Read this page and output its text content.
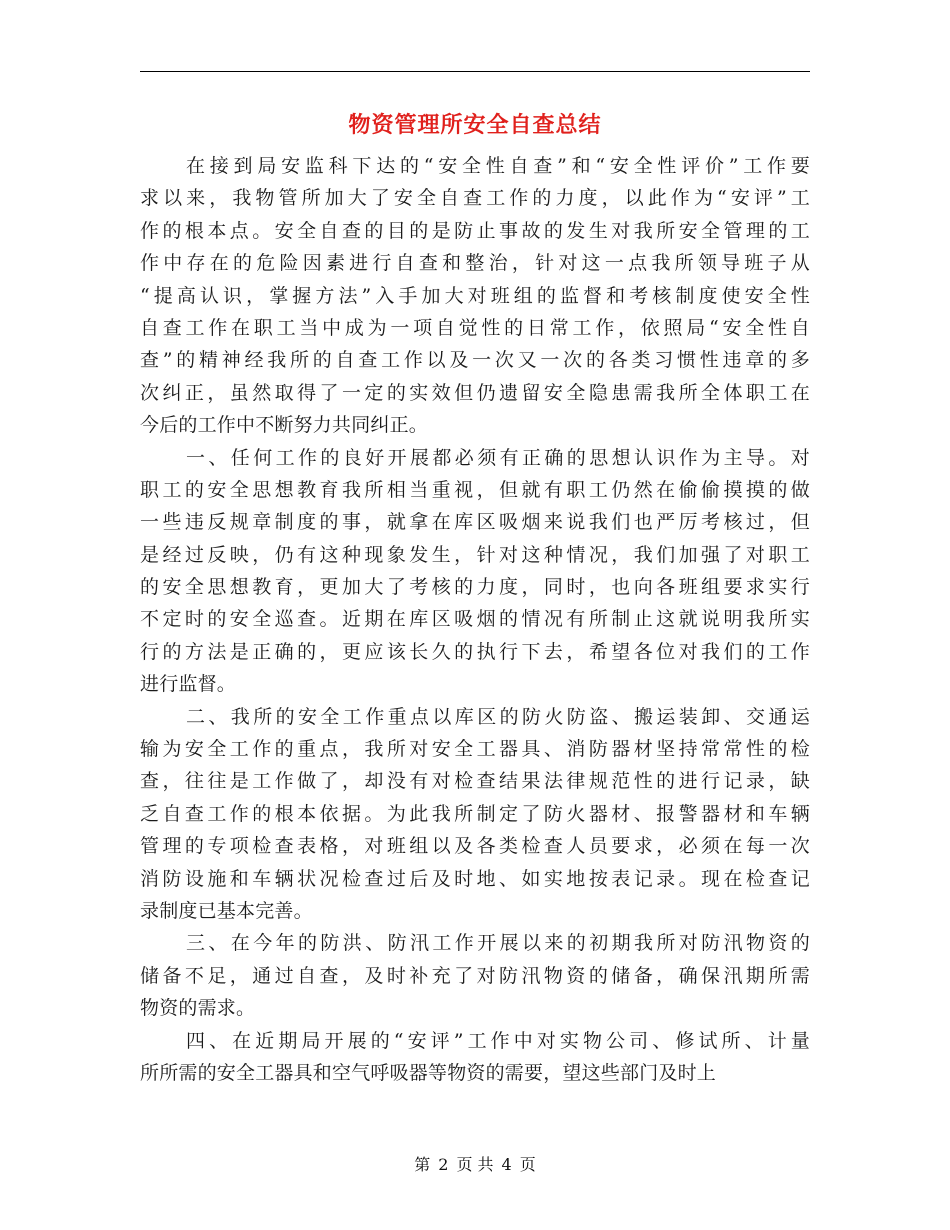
物资管理所安全自查总结
在接到局安监科下达的“安全性自查”和“安全性评价”工作要
求以来，我物管所加大了安全自查工作的力度，以此作为“安评”工
作的根本点。安全自查的目的是防止事故的发生对我所安全管理的工
作中存在的危险因素进行自查和整治，针对这一点我所领导班子从
“提高认识，掌握方法”入手加大对班组的监督和考核制度使安全性
自查工作在职工当中成为一项自觉性的日常工作，依照局“安全性自
查”的精神经我所的自查工作以及一次又一次的各类习惯性违章的多
次纠正，虽然取得了一定的实效但仍遗留安全隐患需我所全体职工在
今后的工作中不断努力共同纠正。
一、任何工作的良好开展都必须有正确的思想认识作为主导。对
职工的安全思想教育我所相当重视，但就有职工仍然在偷偷摸摸的做
一些违反规章制度的事，就拿在库区吸烟来说我们也严厉考核过，但
是经过反映，仍有这种现象发生，针对这种情况，我们加强了对职工
的安全思想教育，更加大了考核的力度，同时，也向各班组要求实行
不定时的安全巡查。近期在库区吸烟的情况有所制止这就说明我所实
行的方法是正确的，更应该长久的执行下去，希望各位对我们的工作
进行监督。
二、我所的安全工作重点以库区的防火防盗、搬运装卸、交通运
输为安全工作的重点，我所对安全工器具、消防器材坚持常常性的检
查，往往是工作做了，却没有对检查结果法律规范性的进行记录，缺
乏自查工作的根本依据。为此我所制定了防火器材、报警器材和车辆
管理的专项检查表格，对班组以及各类检查人员要求，必须在每一次
消防设施和车辆状况检查过后及时地、如实地按表记录。现在检查记
录制度已基本完善。
三、在今年的防洪、防汛工作开展以来的初期我所对防汛物资的
储备不足，通过自查，及时补充了对防汛物资的储备，确保汛期所需
物资的需求。
四、在近期局开展的“安评”工作中对实物公司、修试所、计量
所所需的安全工器具和空气呼吸器等物资的需要，望这些部门及时上
第 2 页 共 4 页
